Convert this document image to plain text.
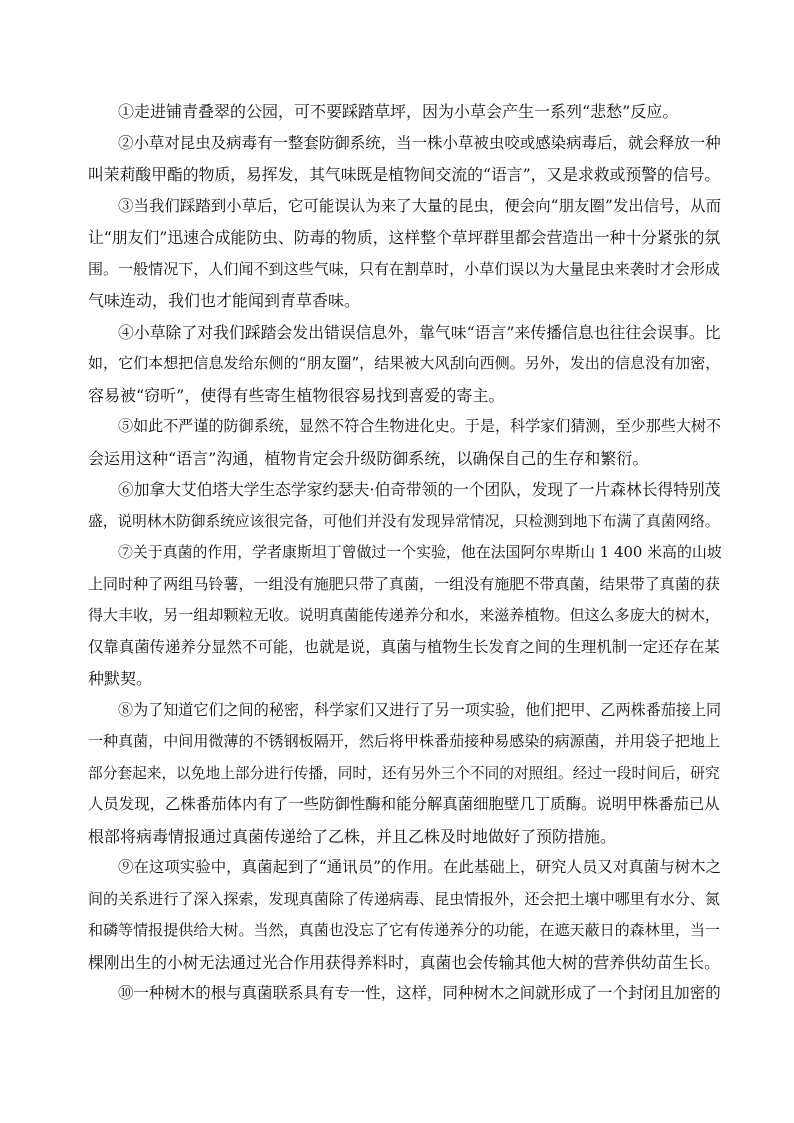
①走进铺青叠翠的公园，可不要踩踏草坪，因为小草会产生一系列“悲愁”反应。
②小草对昆虫及病毒有一整套防御系统，当一株小草被虫咬或感染病毒后，就会释放一种
叫茉莉酸甲酯的物质，易挥发，其气味既是植物间交流的“语言”，又是求救或预警的信号。
③当我们踩踏到小草后，它可能误认为来了大量的昆虫，便会向“朋友圈”发出信号，从而
让“朋友们”迅速合成能防虫、防毒的物质，这样整个草坪群里都会营造出一种十分紧张的氛
围。一般情况下，人们闻不到这些气味，只有在割草时，小草们误以为大量昆虫来袭时才会形成
气味连动，我们也才能闻到青草香味。
④小草除了对我们踩踏会发出错误信息外，靠气味“语言”来传播信息也往往会误事。比
如，它们本想把信息发给东侧的“朋友圈”，结果被大风刮向西侧。另外，发出的信息没有加密，
容易被“窃听”，使得有些寄生植物很容易找到喜爱的寄主。
⑤如此不严谨的防御系统，显然不符合生物进化史。于是，科学家们猜测，至少那些大树不
会运用这种“语言”沟通，植物肯定会升级防御系统，以确保自己的生存和繁衍。
⑥加拿大艾伯塔大学生态学家约瑟夫·伯奇带领的一个团队，发现了一片森林长得特别茂
盛，说明林木防御系统应该很完备，可他们并没有发现异常情况，只检测到地下布满了真菌网络。
⑦关于真菌的作用，学者康斯坦丁曾做过一个实验，他在法国阿尔卑斯山 1 400 米高的山坡
上同时种了两组马铃薯，一组没有施肥只带了真菌，一组没有施肥不带真菌，结果带了真菌的获
得大丰收，另一组却颗粒无收。说明真菌能传递养分和水，来滋养植物。但这么多庞大的树木，
仅靠真菌传递养分显然不可能，也就是说，真菌与植物生长发育之间的生理机制一定还存在某
种默契。
⑧为了知道它们之间的秘密，科学家们又进行了另一项实验，他们把甲、乙两株番茄接上同
一种真菌，中间用微薄的不锈钢板隔开，然后将甲株番茄接种易感染的病源菌，并用袋子把地上
部分套起来，以免地上部分进行传播，同时，还有另外三个不同的对照组。经过一段时间后，研究
人员发现，乙株番茄体内有了一些防御性酶和能分解真菌细胞壁几丁质酶。说明甲株番茄已从
根部将病毒情报通过真菌传递给了乙株，并且乙株及时地做好了预防措施。
⑨在这项实验中，真菌起到了“通讯员”的作用。在此基础上，研究人员又对真菌与树木之
间的关系进行了深入探索，发现真菌除了传递病毒、昆虫情报外，还会把土壤中哪里有水分、氮
和磷等情报提供给大树。当然，真菌也没忘了它有传递养分的功能，在遮天蔽日的森林里，当一
棵刚出生的小树无法通过光合作用获得养料时，真菌也会传输其他大树的营养供幼苗生长。
⑩一种树木的根与真菌联系具有专一性，这样，同种树木之间就形成了一个封闭且加密的
